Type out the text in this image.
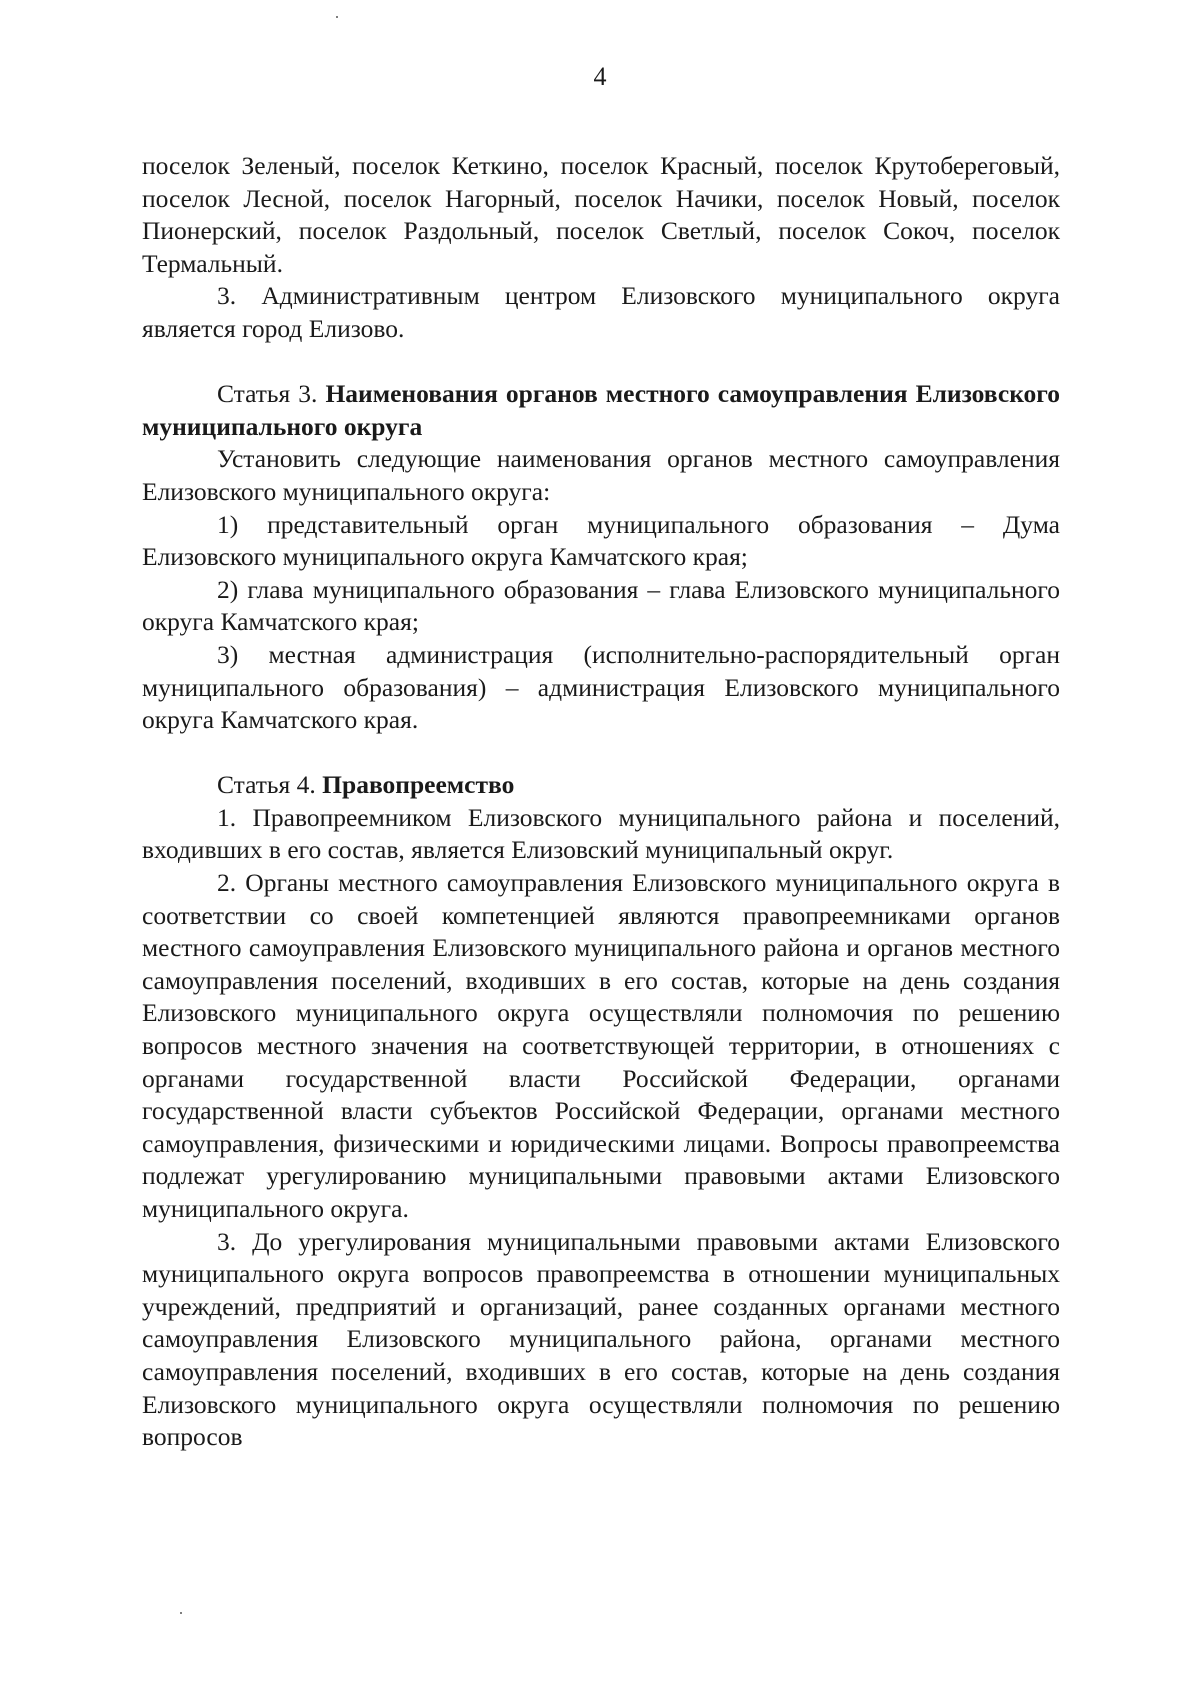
4

поселок Зеленый, поселок Кеткино, поселок Красный, поселок Крутобереговый, поселок Лесной, поселок Нагорный, поселок Начики, поселок Новый, поселок Пионерский, поселок Раздольный, поселок Светлый, поселок Сокоч, поселок Термальный.

3. Административным центром Елизовского муниципального округа является город Елизово.

Статья 3. Наименования органов местного самоуправления Елизовского муниципального округа

Установить следующие наименования органов местного самоуправления Елизовского муниципального округа:

1) представительный орган муниципального образования – Дума Елизовского муниципального округа Камчатского края;

2) глава муниципального образования – глава Елизовского муниципального округа Камчатского края;

3) местная администрация (исполнительно-распорядительный орган муниципального образования) – администрация Елизовского муниципального округа Камчатского края.

Статья 4. Правопреемство

1. Правопреемником Елизовского муниципального района и поселений, входивших в его состав, является Елизовский муниципальный округ.

2. Органы местного самоуправления Елизовского муниципального округа в соответствии со своей компетенцией являются правопреемниками органов местного самоуправления Елизовского муниципального района и органов местного самоуправления поселений, входивших в его состав, которые на день создания Елизовского муниципального округа осуществляли полномочия по решению вопросов местного значения на соответствующей территории, в отношениях с органами государственной власти Российской Федерации, органами государственной власти субъектов Российской Федерации, органами местного самоуправления, физическими и юридическими лицами. Вопросы правопреемства подлежат урегулированию муниципальными правовыми актами Елизовского муниципального округа.

3. До урегулирования муниципальными правовыми актами Елизовского муниципального округа вопросов правопреемства в отношении муниципальных учреждений, предприятий и организаций, ранее созданных органами местного самоуправления Елизовского муниципального района, органами местного самоуправления поселений, входивших в его состав, которые на день создания Елизовского муниципального округа осуществляли полномочия по решению вопросов
